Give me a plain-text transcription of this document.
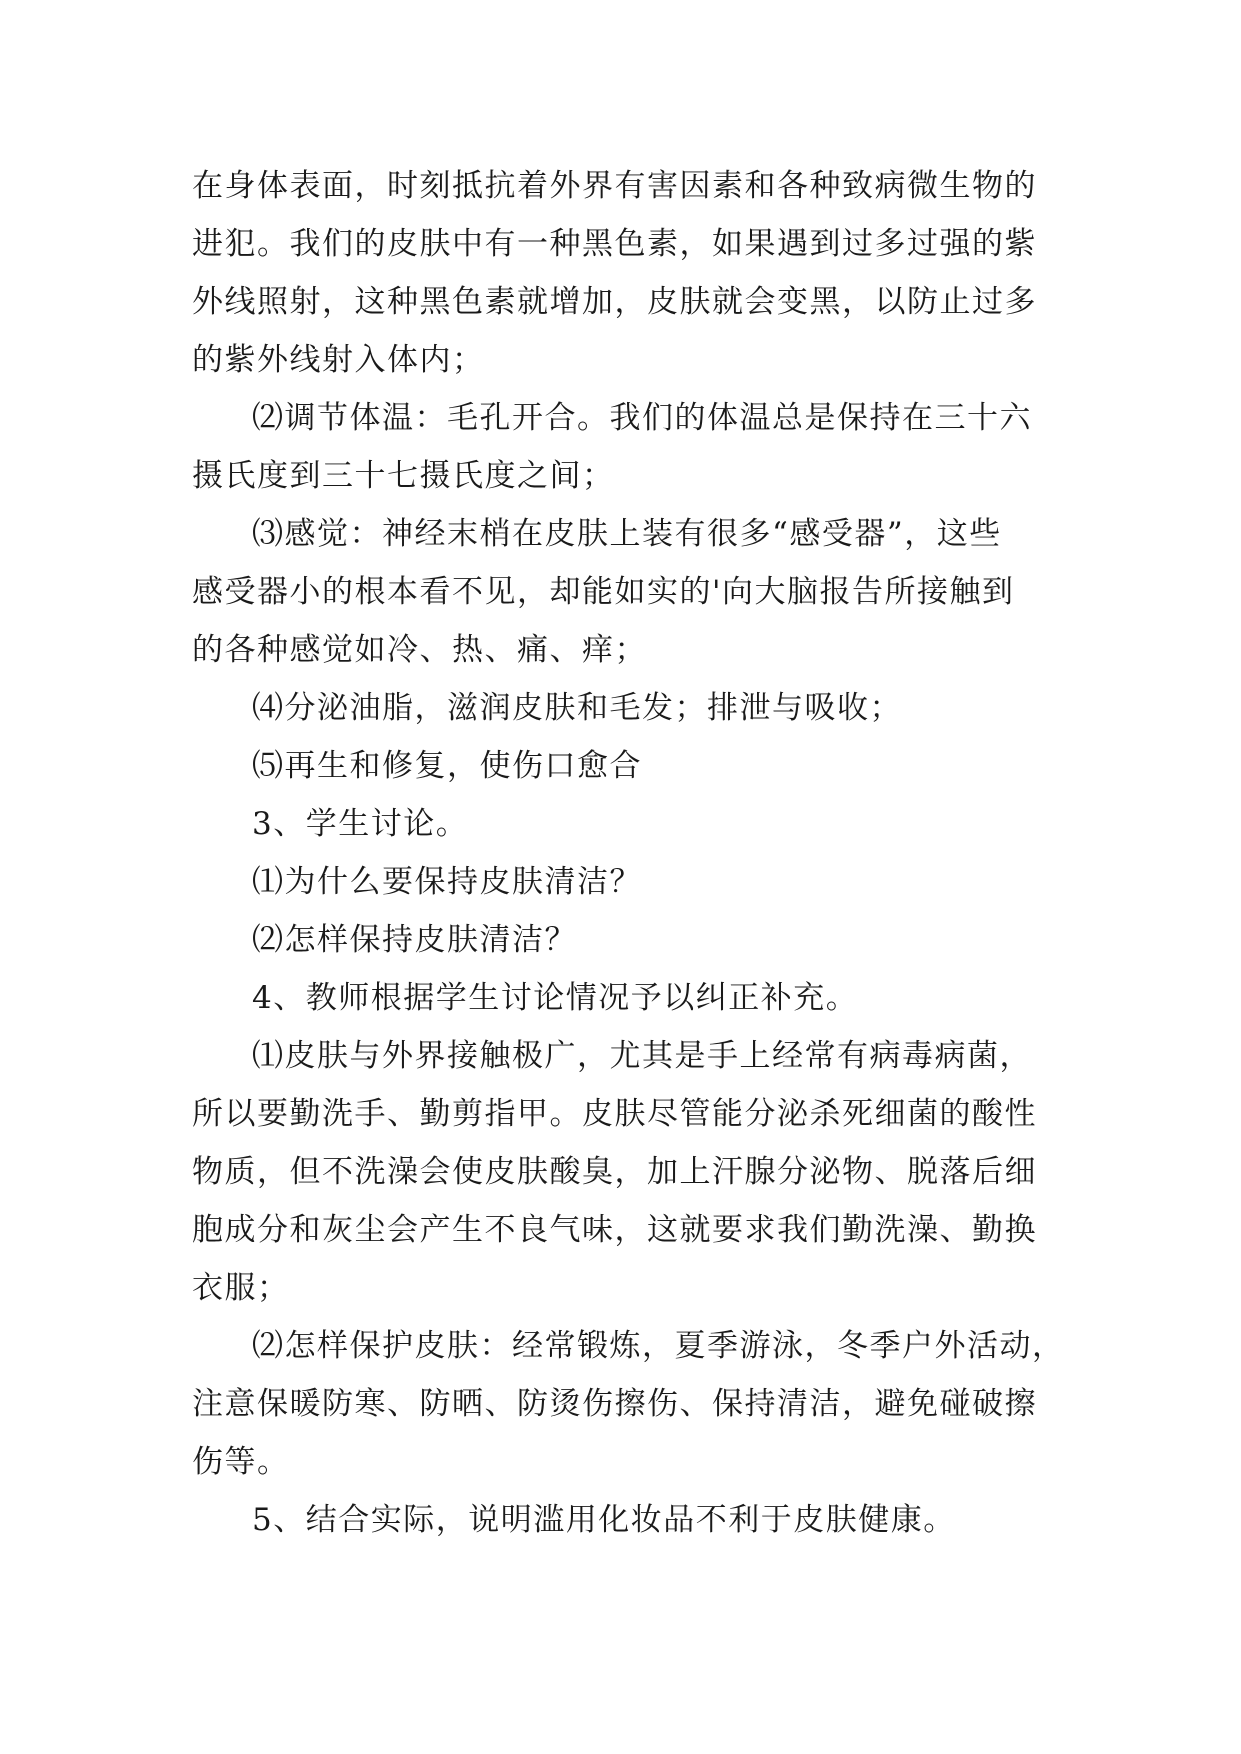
在身体表面，时刻抵抗着外界有害因素和各种致病微生物的
进犯。我们的皮肤中有一种黑色素，如果遇到过多过强的紫
外线照射，这种黑色素就增加，皮肤就会变黑，以防止过多
的紫外线射入体内；
⑵调节体温：毛孔开合。我们的体温总是保持在三十六
摄氏度到三十七摄氏度之间；
⑶感觉：神经末梢在皮肤上装有很多“感受器”，这些
感受器小的根本看不见，却能如实的'向大脑报告所接触到
的各种感觉如冷、热、痛、痒；
⑷分泌油脂，滋润皮肤和毛发；排泄与吸收；
⑸再生和修复，使伤口愈合
3、学生讨论。
⑴为什么要保持皮肤清洁？
⑵怎样保持皮肤清洁？
4、教师根据学生讨论情况予以纠正补充。
⑴皮肤与外界接触极广，尤其是手上经常有病毒病菌，
所以要勤洗手、勤剪指甲。皮肤尽管能分泌杀死细菌的酸性
物质，但不洗澡会使皮肤酸臭，加上汗腺分泌物、脱落后细
胞成分和灰尘会产生不良气味，这就要求我们勤洗澡、勤换
衣服；
⑵怎样保护皮肤：经常锻炼，夏季游泳，冬季户外活动，
注意保暖防寒、防晒、防烫伤擦伤、保持清洁，避免碰破擦
伤等。
5、结合实际，说明滥用化妆品不利于皮肤健康。
